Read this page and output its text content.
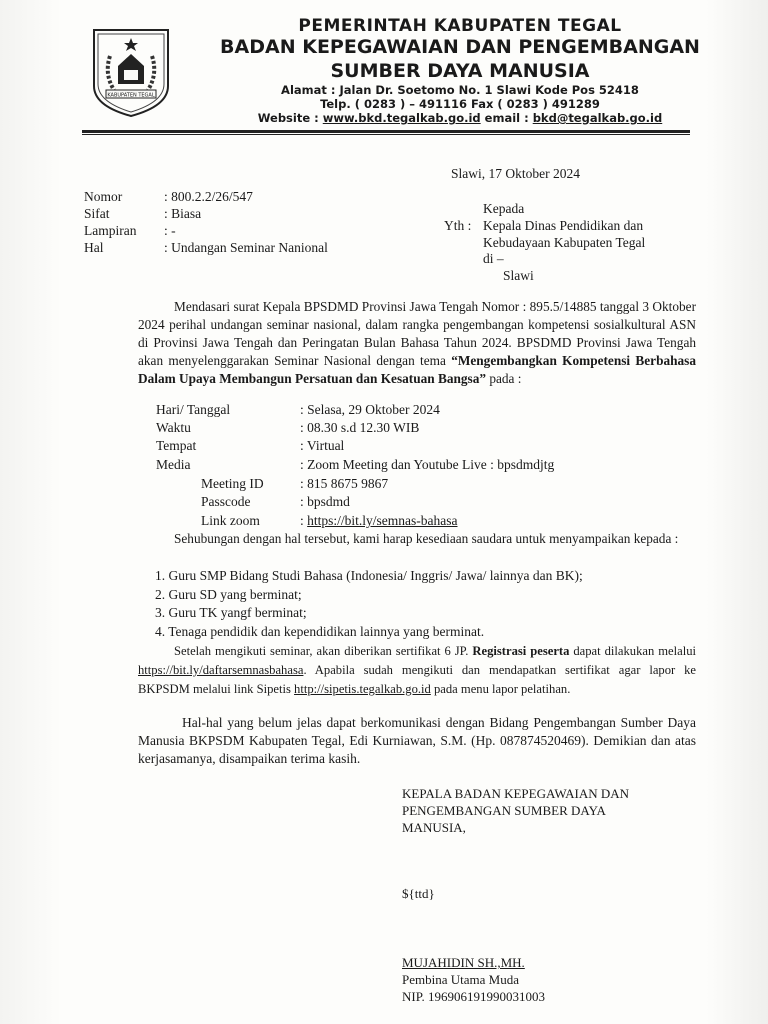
KABUPATEN TEGAL
PEMERINTAH KABUPATEN TEGAL
BADAN KEPEGAWAIAN DAN PENGEMBANGAN
SUMBER DAYA MANUSIA
Alamat : Jalan Dr. Soetomo No. 1 Slawi Kode Pos 52418
Telp. ( 0283 ) – 491116 Fax ( 0283 ) 491289
Website : www.bkd.tegalkab.go.id email : bkd@tegalkab.go.id
Slawi, 17 Oktober 2024
Nomor	: 800.2.2/26/547
Sifat	: Biasa
Lampiran : -
Hal	: Undangan Seminar Nanional
Kepada
Yth : Kepala Dinas Pendidikan dan
Kebudayaan Kabupaten Tegal
di –
Slawi
Mendasari surat Kepala BPSDMD Provinsi Jawa Tengah Nomor : 895.5/14885 tanggal 3 Oktober 2024 perihal undangan seminar nasional, dalam rangka pengembangan kompetensi sosialkultural ASN di Provinsi Jawa Tengah dan Peringatan Bulan Bahasa Tahun 2024. BPSDMD Provinsi Jawa Tengah akan menyelenggarakan Seminar Nasional dengan tema “Mengembangkan Kompetensi Berbahasa Dalam Upaya Membangun Persatuan dan Kesatuan Bangsa” pada :
Hari/ Tanggal	: Selasa, 29 Oktober 2024
Waktu	: 08.30 s.d 12.30 WIB
Tempat	: Virtual
Media	: Zoom Meeting dan Youtube Live : bpsdmdjtg
Meeting ID	: 815 8675 9867
Passcode	: bpsdmd
Link zoom	: https://bit.ly/semnas-bahasa
Sehubungan dengan hal tersebut, kami harap kesediaan saudara untuk menyampaikan kepada :
1. Guru SMP Bidang Studi Bahasa (Indonesia/ Inggris/ Jawa/ lainnya dan BK);
2. Guru SD yang berminat;
3. Guru TK yangf berminat;
4. Tenaga pendidik dan kependidikan lainnya yang berminat.
Setelah mengikuti seminar, akan diberikan sertifikat 6 JP. Registrasi peserta dapat dilakukan melalui https://bit.ly/daftarsemnasbahasa. Apabila sudah mengikuti dan mendapatkan sertifikat agar lapor ke BKPSDM melalui link Sipetis http://sipetis.tegalkab.go.id pada menu lapor pelatihan.
Hal-hal yang belum jelas dapat berkomunikasi dengan Bidang Pengembangan Sumber Daya Manusia BKPSDM Kabupaten Tegal, Edi Kurniawan, S.M. (Hp. 087874520469). Demikian dan atas kerjasamanya, disampaikan terima kasih.
KEPALA BADAN KEPEGAWAIAN DAN
PENGEMBANGAN SUMBER DAYA
MANUSIA,
${ttd}
MUJAHIDIN SH.,MH.
Pembina Utama Muda
NIP. 196906191990031003
